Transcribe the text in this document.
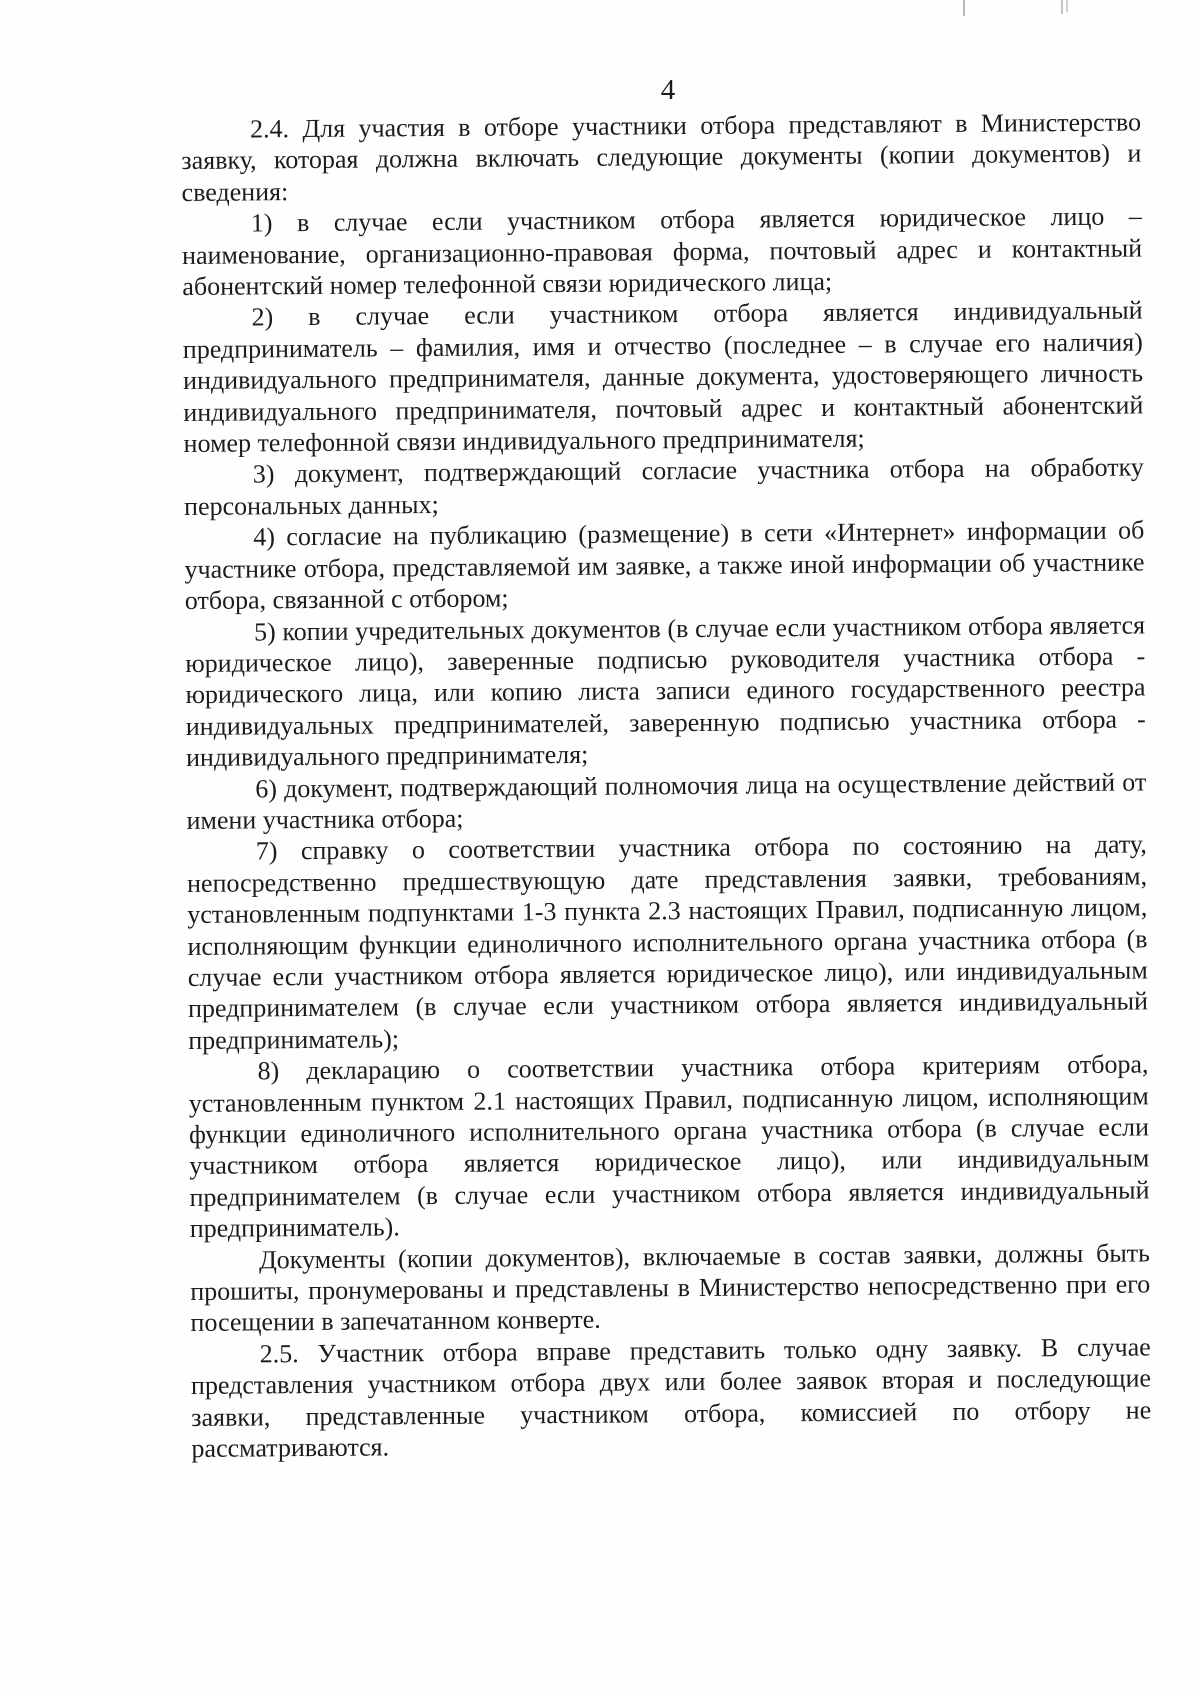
4

2.4. Для участия в отборе участники отбора представляют в Министерство заявку, которая должна включать следующие документы (копии документов) и сведения:

1) в случае если участником отбора является юридическое лицо – наименование, организационно-правовая форма, почтовый адрес и контактный абонентский номер телефонной связи юридического лица;

2) в случае если участником отбора является индивидуальный предприниматель – фамилия, имя и отчество (последнее – в случае его наличия) индивидуального предпринимателя, данные документа, удостоверяющего личность индивидуального предпринимателя, почтовый адрес и контактный абонентский номер телефонной связи индивидуального предпринимателя;

3) документ, подтверждающий согласие участника отбора на обработку персональных данных;

4) согласие на публикацию (размещение) в сети «Интернет» информации об участнике отбора, представляемой им заявке, а также иной информации об участнике отбора, связанной с отбором;

5) копии учредительных документов (в случае если участником отбора является юридическое лицо), заверенные подписью руководителя участника отбора - юридического лица, или копию листа записи единого государственного реестра индивидуальных предпринимателей, заверенную подписью участника отбора - индивидуального предпринимателя;

6) документ, подтверждающий полномочия лица на осуществление действий от имени участника отбора;

7) справку о соответствии участника отбора по состоянию на дату, непосредственно предшествующую дате представления заявки, требованиям, установленным подпунктами 1-3 пункта 2.3 настоящих Правил, подписанную лицом, исполняющим функции единоличного исполнительного органа участника отбора (в случае если участником отбора является юридическое лицо), или индивидуальным предпринимателем (в случае если участником отбора является индивидуальный предприниматель);

8) декларацию о соответствии участника отбора критериям отбора, установленным пунктом 2.1 настоящих Правил, подписанную лицом, исполняющим функции единоличного исполнительного органа участника отбора (в случае если участником отбора является юридическое лицо), или индивидуальным предпринимателем (в случае если участником отбора является индивидуальный предприниматель).

Документы (копии документов), включаемые в состав заявки, должны быть прошиты, пронумерованы и представлены в Министерство непосредственно при его посещении в запечатанном конверте.

2.5. Участник отбора вправе представить только одну заявку. В случае представления участником отбора двух или более заявок вторая и последующие заявки, представленные участником отбора, комиссией по отбору не рассматриваются.
